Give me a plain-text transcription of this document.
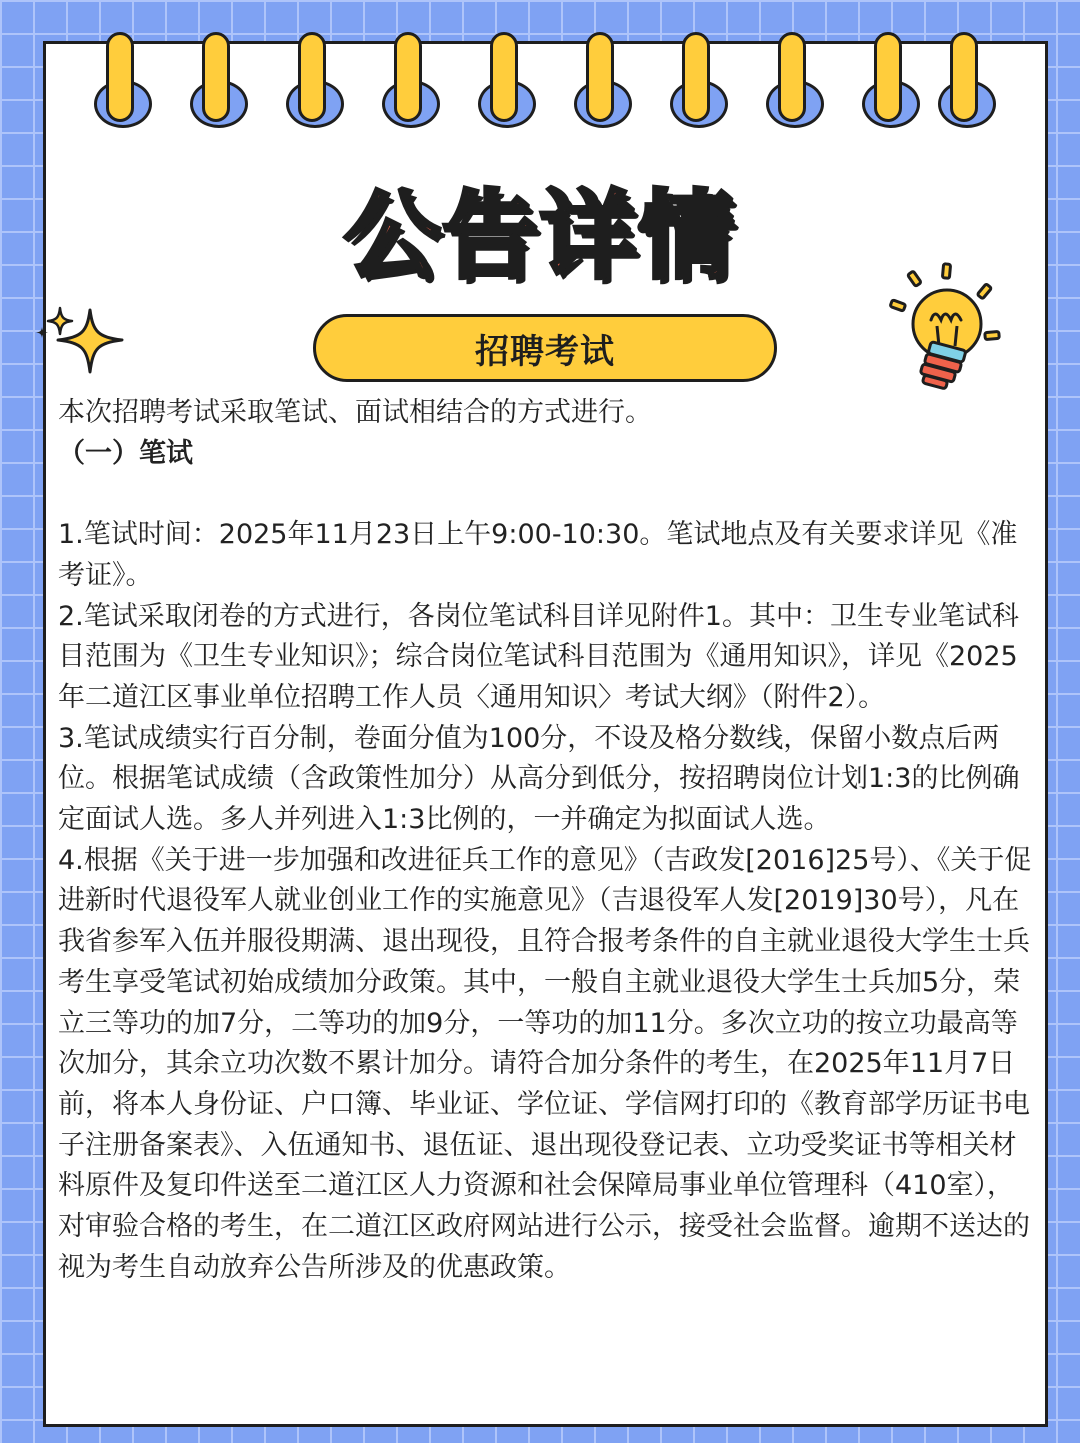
公告详情
招聘考试

本次招聘考试采取笔试、面试相结合的方式进行。

（一）笔试

1.笔试时间：2025年11月23日上午9:00-10:30。笔试地点及有关要求详见《准考证》。

2.笔试采取闭卷的方式进行，各岗位笔试科目详见附件1。其中：卫生专业笔试科目范围为《卫生专业知识》；综合岗位笔试科目范围为《通用知识》，详见《2025年二道江区事业单位招聘工作人员〈通用知识〉考试大纲》（附件2）。

3.笔试成绩实行百分制，卷面分值为100分，不设及格分数线，保留小数点后两位。根据笔试成绩（含政策性加分）从高分到低分，按招聘岗位计划1:3的比例确定面试人选。多人并列进入1:3比例的，一并确定为拟面试人选。

4.根据《关于进一步加强和改进征兵工作的意见》（吉政发[2016]25号）、《关于促进新时代退役军人就业创业工作的实施意见》（吉退役军人发[2019]30号），凡在我省参军入伍并服役期满、退出现役，且符合报考条件的自主就业退役大学生士兵考生享受笔试初始成绩加分政策。其中，一般自主就业退役大学生士兵加5分，荣立三等功的加7分，二等功的加9分，一等功的加11分。多次立功的按立功最高等次加分，其余立功次数不累计加分。请符合加分条件的考生，在2025年11月7日前，将本人身份证、户口簿、毕业证、学位证、学信网打印的《教育部学历证书电子注册备案表》、入伍通知书、退伍证、退出现役登记表、立功受奖证书等相关材料原件及复印件送至二道江区人力资源和社会保障局事业单位管理科（410室），对审验合格的考生，在二道江区政府网站进行公示，接受社会监督。逾期不送达的视为考生自动放弃公告所涉及的优惠政策。
